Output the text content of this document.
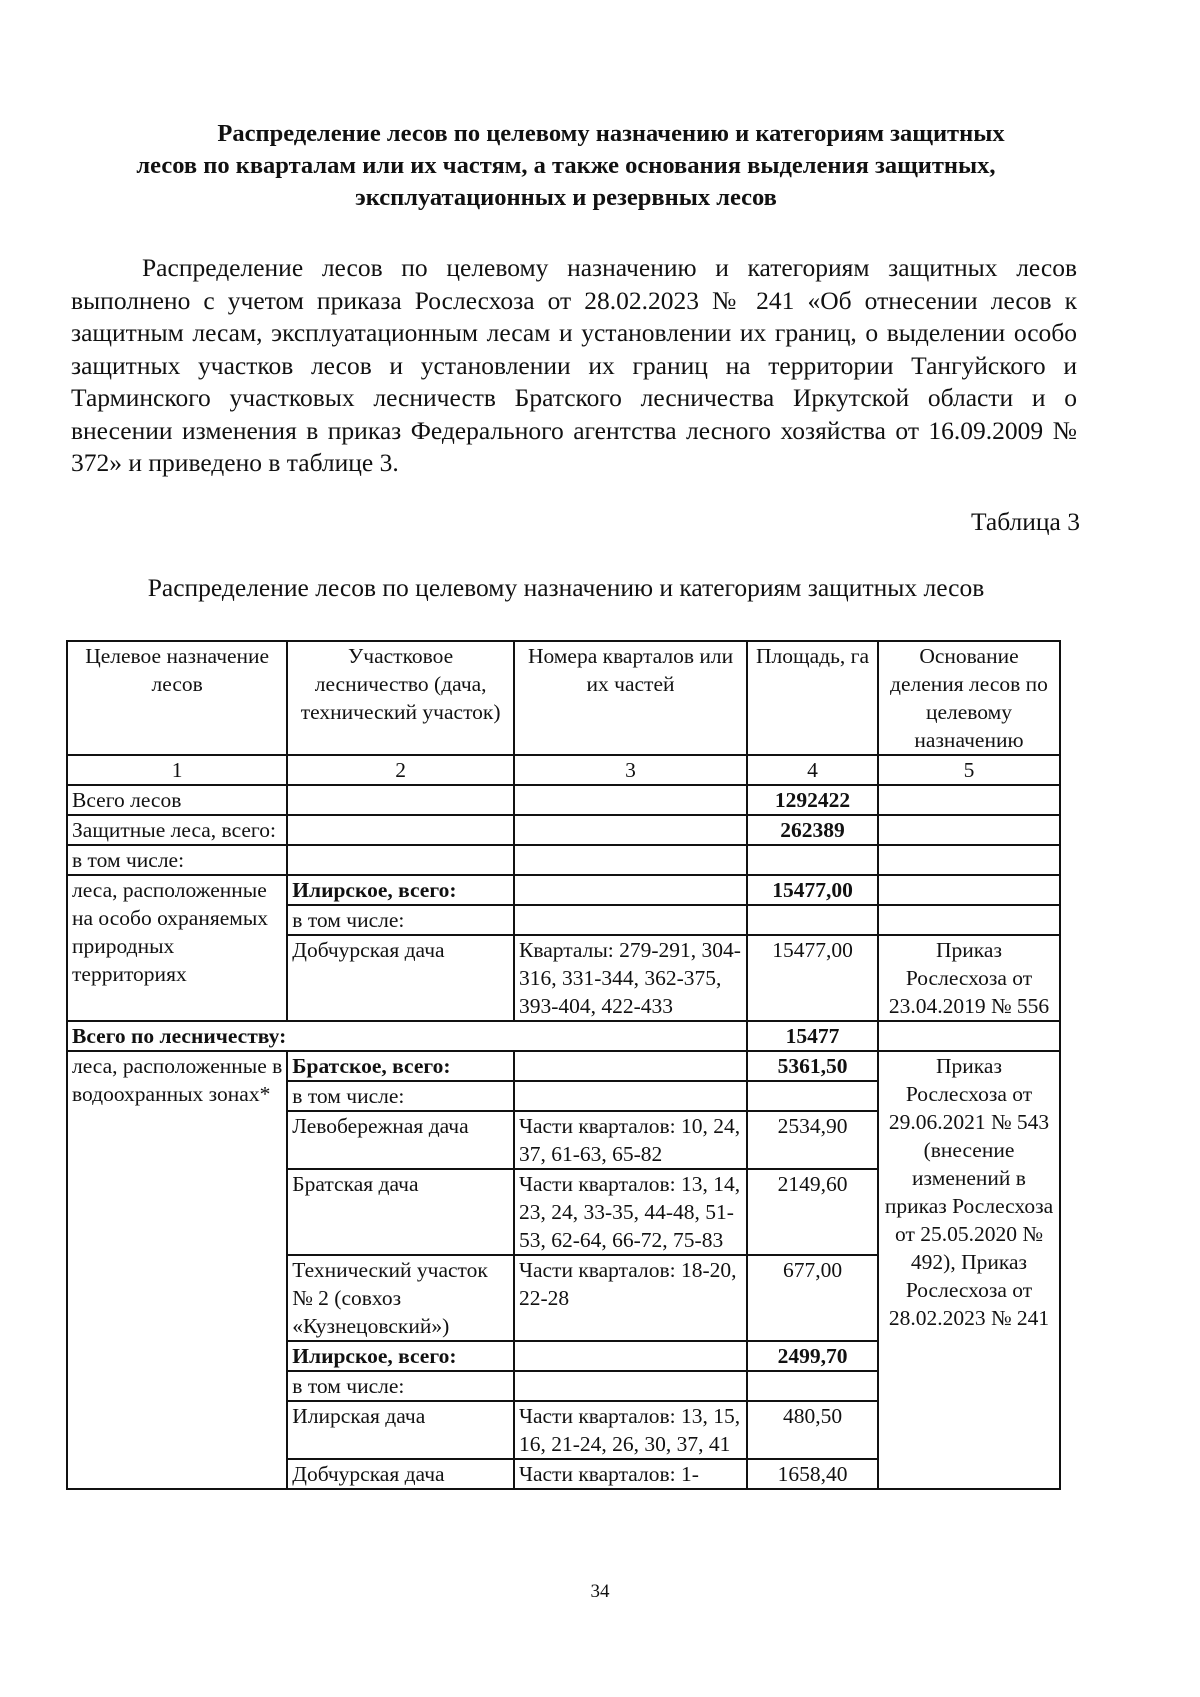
Распределение лесов по целевому назначению и категориям защитных
лесов по кварталам или их частям, а также основания выделения защитных,
эксплуатационных и резервных лесов

Распределение лесов по целевому назначению и категориям защитных лесов выполнено с учетом приказа Рослесхоза от 28.02.2023 № 241 «Об отнесении лесов к защитным лесам, эксплуатационным лесам и установлении их границ, о выделении особо защитных участков лесов и установлении их границ на территории Тангуйского и Тарминского участковых лесничеств Братского лесничества Иркутской области и о внесении изменения в приказ Федерального агентства лесного хозяйства от 16.09.2009 № 372» и приведено в таблице 3.

Таблица 3

Распределение лесов по целевому назначению и категориям защитных лесов

Целевое назначение лесов	Участковое лесничество (дача, технический участок)	Номера кварталов или их частей	Площадь, га	Основание деления лесов по целевому назначению
1	2	3	4	5
Всего лесов			1292422	
Защитные леса, всего:			262389	
в том числе:				
леса, расположенные на особо охраняемых природных территориях	Илирское, всего:		15477,00	
	в том числе:			
	Добчурская дача	Кварталы: 279-291, 304-316, 331-344, 362-375, 393-404, 422-433	15477,00	Приказ Рослесхоза от 23.04.2019 № 556
Всего по лесничеству:			15477	
леса, расположенные в водоохранных зонах*	Братское, всего:		5361,50	Приказ Рослесхоза от 29.06.2021 № 543 (внесение изменений в приказ Рослесхоза от 25.05.2020 № 492), Приказ Рослесхоза от 28.02.2023 № 241
	в том числе:			
	Левобережная дача	Части кварталов: 10, 24, 37, 61-63, 65-82	2534,90	
	Братская дача	Части кварталов: 13, 14, 23, 24, 33-35, 44-48, 51-53, 62-64, 66-72, 75-83	2149,60	
	Технический участок № 2 (совхоз «Кузнецовский»)	Части кварталов: 18-20, 22-28	677,00	
	Илирское, всего:		2499,70	
	в том числе:			
	Илирская дача	Части кварталов: 13, 15, 16, 21-24, 26, 30, 37, 41	480,50	
	Добчурская дача	Части кварталов: 1-	1658,40	

34
